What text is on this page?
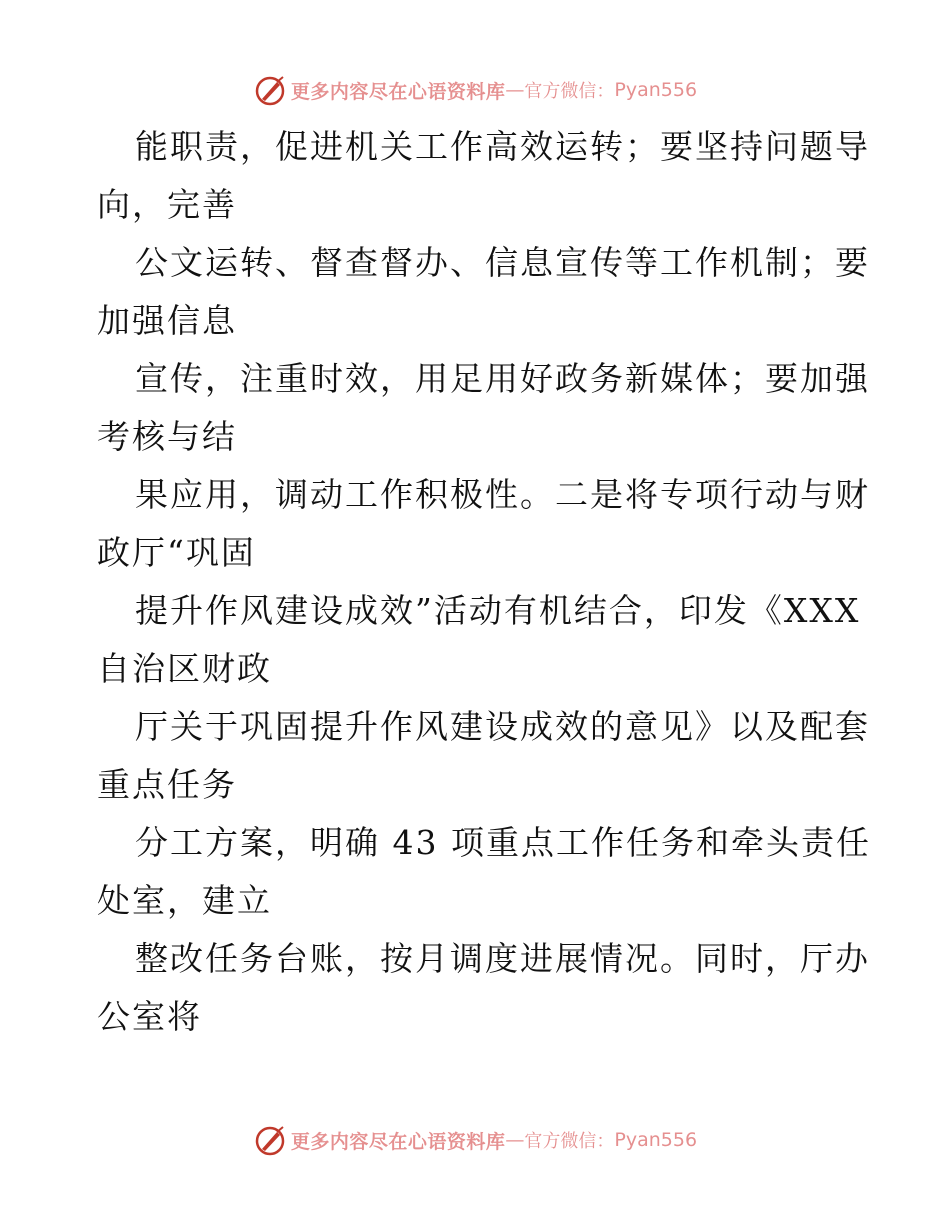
更多内容尽在心语资料库 — 官方微信： Pyan556
能职责，促进机关工作高效运转；要坚持问题导
向，完善
公文运转、督查督办、信息宣传等工作机制；要
加强信息
宣传，注重时效，用足用好政务新媒体；要加强
考核与结
果应用，调动工作积极性。二是将专项行动与财
政厅“巩固
提升作风建设成效”活动有机结合，印发《XXX
自治区财政
厅关于巩固提升作风建设成效的意见》以及配套
重点任务
分工方案，明确 43 项重点工作任务和牵头责任
处室，建立
整改任务台账，按月调度进展情况。同时，厅办
公室将
更多内容尽在心语资料库 — 官方微信： Pyan556
